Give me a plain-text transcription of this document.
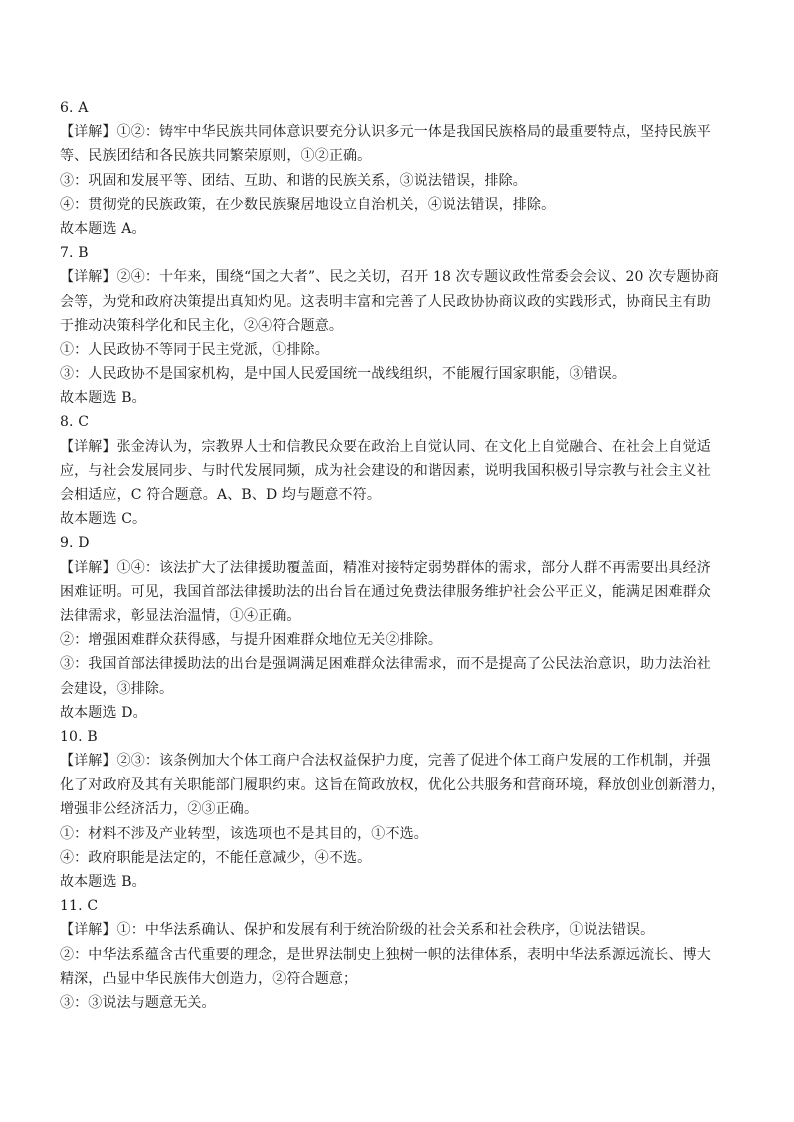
6. A
【详解】①②：铸牢中华民族共同体意识要充分认识多元一体是我国民族格局的最重要特点，坚持民族平
等、民族团结和各民族共同繁荣原则，①②正确。
③：巩固和发展平等、团结、互助、和谐的民族关系，③说法错误，排除。
④：贯彻党的民族政策，在少数民族聚居地设立自治机关，④说法错误，排除。
故本题选 A。
7. B
【详解】②④：十年来，围绕“国之大者”、民之关切，召开 18 次专题议政性常委会会议、20 次专题协商
会等，为党和政府决策提出真知灼见。这表明丰富和完善了人民政协协商议政的实践形式，协商民主有助
于推动决策科学化和民主化，②④符合题意。
①：人民政协不等同于民主党派，①排除。
③：人民政协不是国家机构，是中国人民爱国统一战线组织，不能履行国家职能，③错误。
故本题选 B。
8. C
【详解】张金涛认为，宗教界人士和信教民众要在政治上自觉认同、在文化上自觉融合、在社会上自觉适
应，与社会发展同步、与时代发展同频，成为社会建设的和谐因素，说明我国积极引导宗教与社会主义社
会相适应，C 符合题意。A、B、D 均与题意不符。
故本题选 C。
9. D
【详解】①④：该法扩大了法律援助覆盖面，精准对接特定弱势群体的需求，部分人群不再需要出具经济
困难证明。可见，我国首部法律援助法的出台旨在通过免费法律服务维护社会公平正义，能满足困难群众
法律需求，彰显法治温情，①④正确。
②：增强困难群众获得感，与提升困难群众地位无关②排除。
③：我国首部法律援助法的出台是强调满足困难群众法律需求，而不是提高了公民法治意识，助力法治社
会建设，③排除。
故本题选 D。
10. B
【详解】②③：该条例加大个体工商户合法权益保护力度，完善了促进个体工商户发展的工作机制，并强
化了对政府及其有关职能部门履职约束。这旨在简政放权，优化公共服务和营商环境，释放创业创新潜力，
增强非公经济活力，②③正确。
①：材料不涉及产业转型，该选项也不是其目的，①不选。
④：政府职能是法定的，不能任意减少，④不选。
故本题选 B。
11. C
【详解】①：中华法系确认、保护和发展有利于统治阶级的社会关系和社会秩序，①说法错误。
②：中华法系蕴含古代重要的理念，是世界法制史上独树一帜的法律体系，表明中华法系源远流长、博大
精深，凸显中华民族伟大创造力，②符合题意；
③：③说法与题意无关。
